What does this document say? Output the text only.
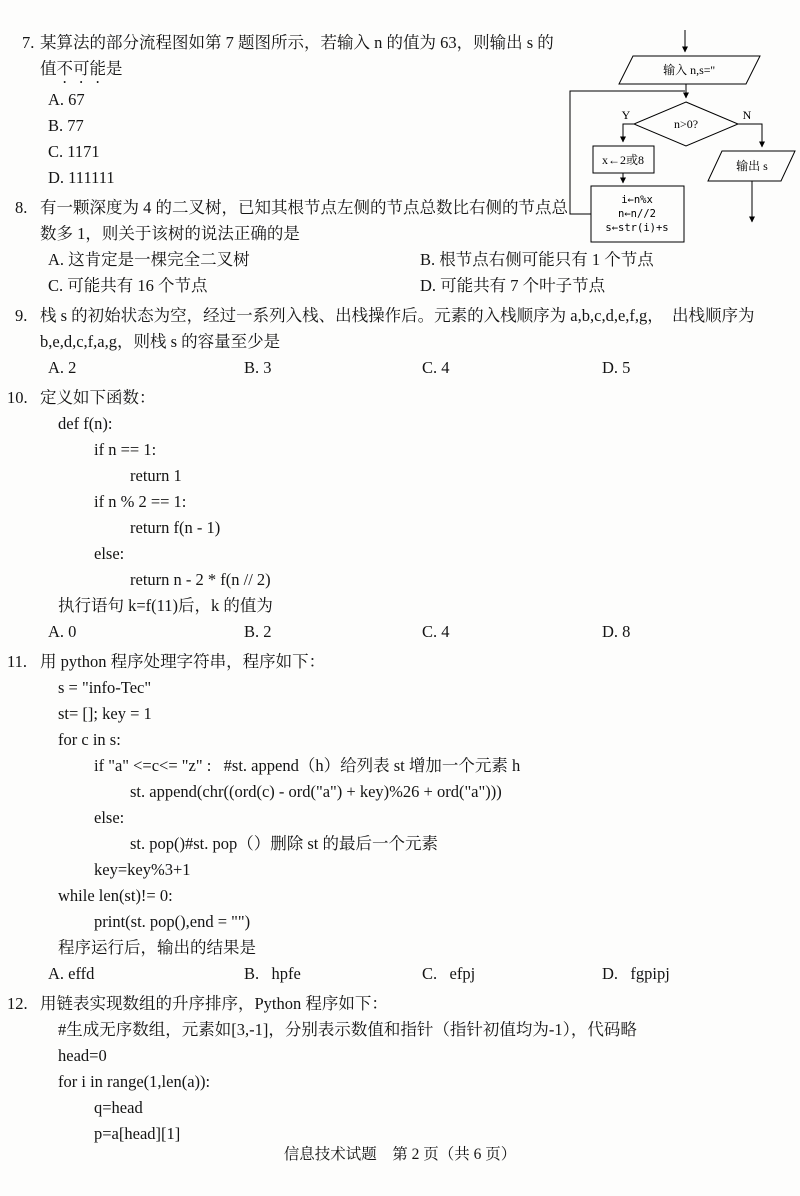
输入 n,s=''
n>0?
Y	N
x←2或8
i←n%x
n←n//2
s←str(i)+s
输出 s
7. 某算法的部分流程图如第 7 题图所示，若输入 n 的值为 63，则输出 s 的值不可能是
A. 67
B. 77
C. 1171
D. 111111
8. 有一颗深度为 4 的二叉树，已知其根节点左侧的节点总数比右侧的节点总数多 1，则关于该树的说法正确的是
A. 这肯定是一棵完全二叉树	B. 根节点右侧可能只有 1 个节点
C. 可能共有 16 个节点	D. 可能共有 7 个叶子节点
9. 栈 s 的初始状态为空，经过一系列入栈、出栈操作后。元素的入栈顺序为 a,b,c,d,e,f,g，  出栈顺序为 b,e,d,c,f,a,g，则栈 s 的容量至少是
A. 2	B. 3	C. 4	D. 5
10. 定义如下函数：
def f(n):
if n == 1:
return 1
if n % 2 == 1:
return f(n - 1)
else:
return n - 2 * f(n // 2)
执行语句 k=f(11)后，k 的值为
A. 0	B. 2	C. 4	D. 8
11. 用 python 程序处理字符串，程序如下：
s = "info-Tec"
st= []; key = 1
for c in s:
if "a" <=c<= "z" :   #st. append（h）给列表 st 增加一个元素 h
st. append(chr((ord(c) - ord("a") + key)%26 + ord("a")))
else:
st. pop()#st. pop（）删除 st 的最后一个元素
key=key%3+1
while len(st)!= 0:
print(st. pop(),end = "")
程序运行后，输出的结果是
A. effd	B.   hpfe	C.   efpj	D.   fgpipj
12. 用链表实现数组的升序排序，Python 程序如下：
#生成无序数组，元素如[3,-1]，分别表示数值和指针（指针初值均为-1），代码略
head=0
for i in range(1,len(a)):
q=head
p=a[head][1]
信息技术试题　第 2 页（共 6 页）
